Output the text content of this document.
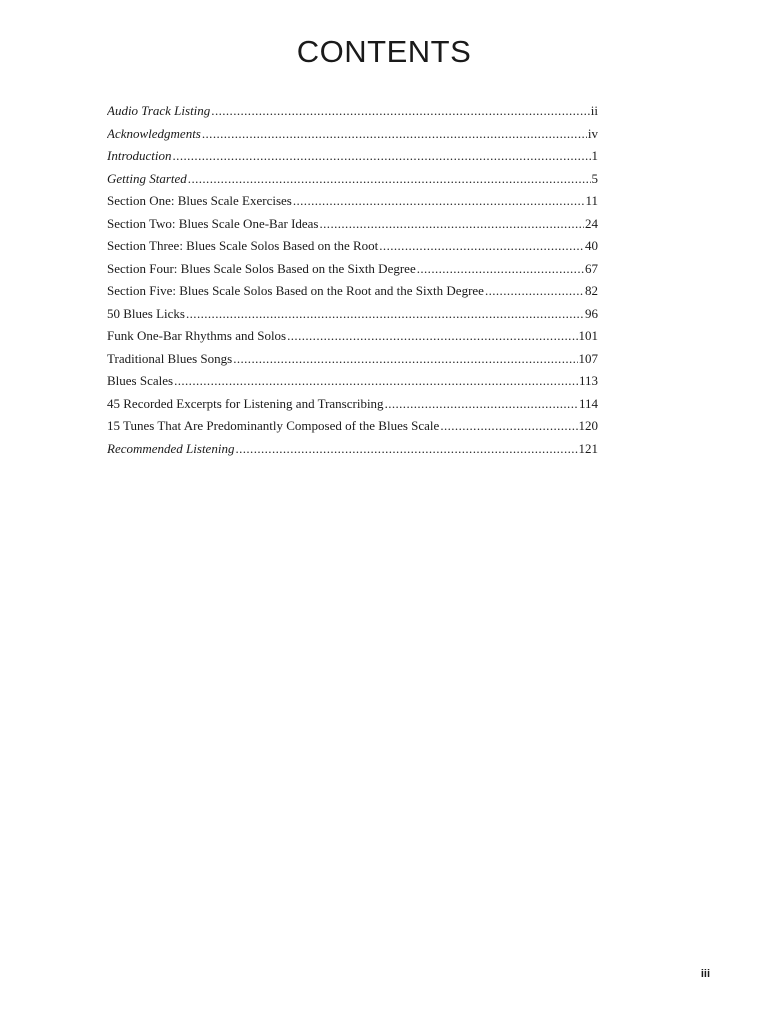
CONTENTS
Audio Track Listing .....	ii
Acknowledgments .....	iv
Introduction .....	1
Getting Started .....	5
Section One: Blues Scale Exercises .....	11
Section Two: Blues Scale One-Bar Ideas .....	24
Section Three: Blues Scale Solos Based on the Root .....	40
Section Four: Blues Scale Solos Based on the Sixth Degree .....	67
Section Five: Blues Scale Solos Based on the Root and the Sixth Degree .....	82
50 Blues Licks .....	96
Funk One-Bar Rhythms and Solos .....	101
Traditional Blues Songs .....	107
Blues Scales .....	113
45 Recorded Excerpts for Listening and Transcribing .....	114
15 Tunes That Are Predominantly Composed of the Blues Scale .....	120
Recommended Listening .....	121
iii
